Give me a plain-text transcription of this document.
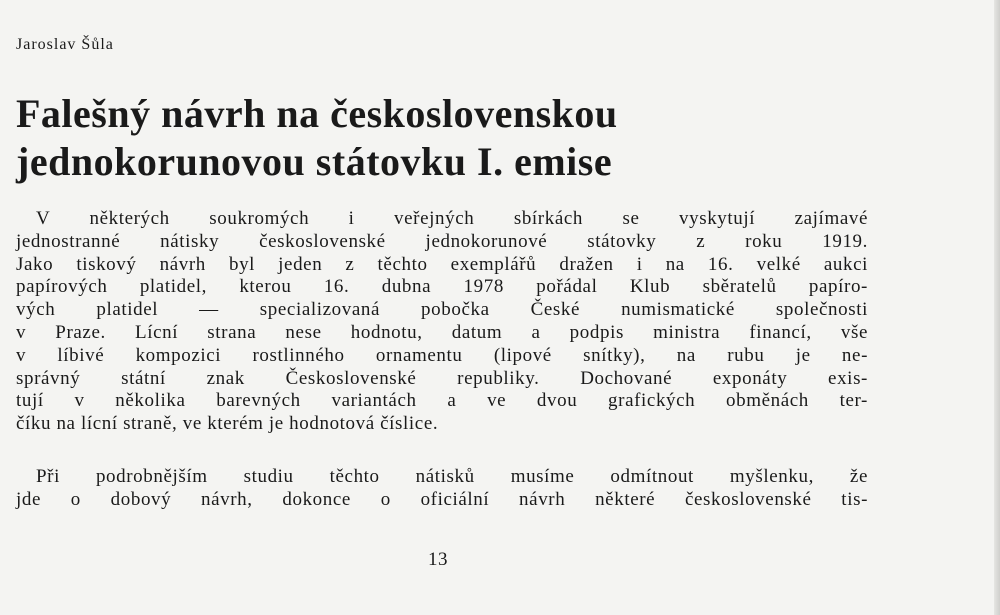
Jaroslav Šůla
Falešný návrh na československou
jednokorunovou státovku I. emise
V některých soukromých i veřejných sbírkách se vyskytují zajímavé
jednostranné nátisky československé jednokorunové státovky z roku 1919.
Jako tiskový návrh byl jeden z těchto exemplářů dražen i na 16. velké aukci
papírových platidel, kterou 16. dubna 1978 pořádal Klub sběratelů papíro-
vých platidel — specializovaná pobočka České numismatické společnosti
v Praze. Lícní strana nese hodnotu, datum a podpis ministra financí, vše
v líbivé kompozici rostlinného ornamentu (lipové snítky), na rubu je ne-
správný státní znak Československé republiky. Dochované exponáty exis-
tují v několika barevných variantách a ve dvou grafických obměnách ter-
číku na lícní straně, ve kterém je hodnotová číslice.
Při podrobnějším studiu těchto nátisků musíme odmítnout myšlenku, že
jde o dobový návrh, dokonce o oficiální návrh některé československé tis-
13
